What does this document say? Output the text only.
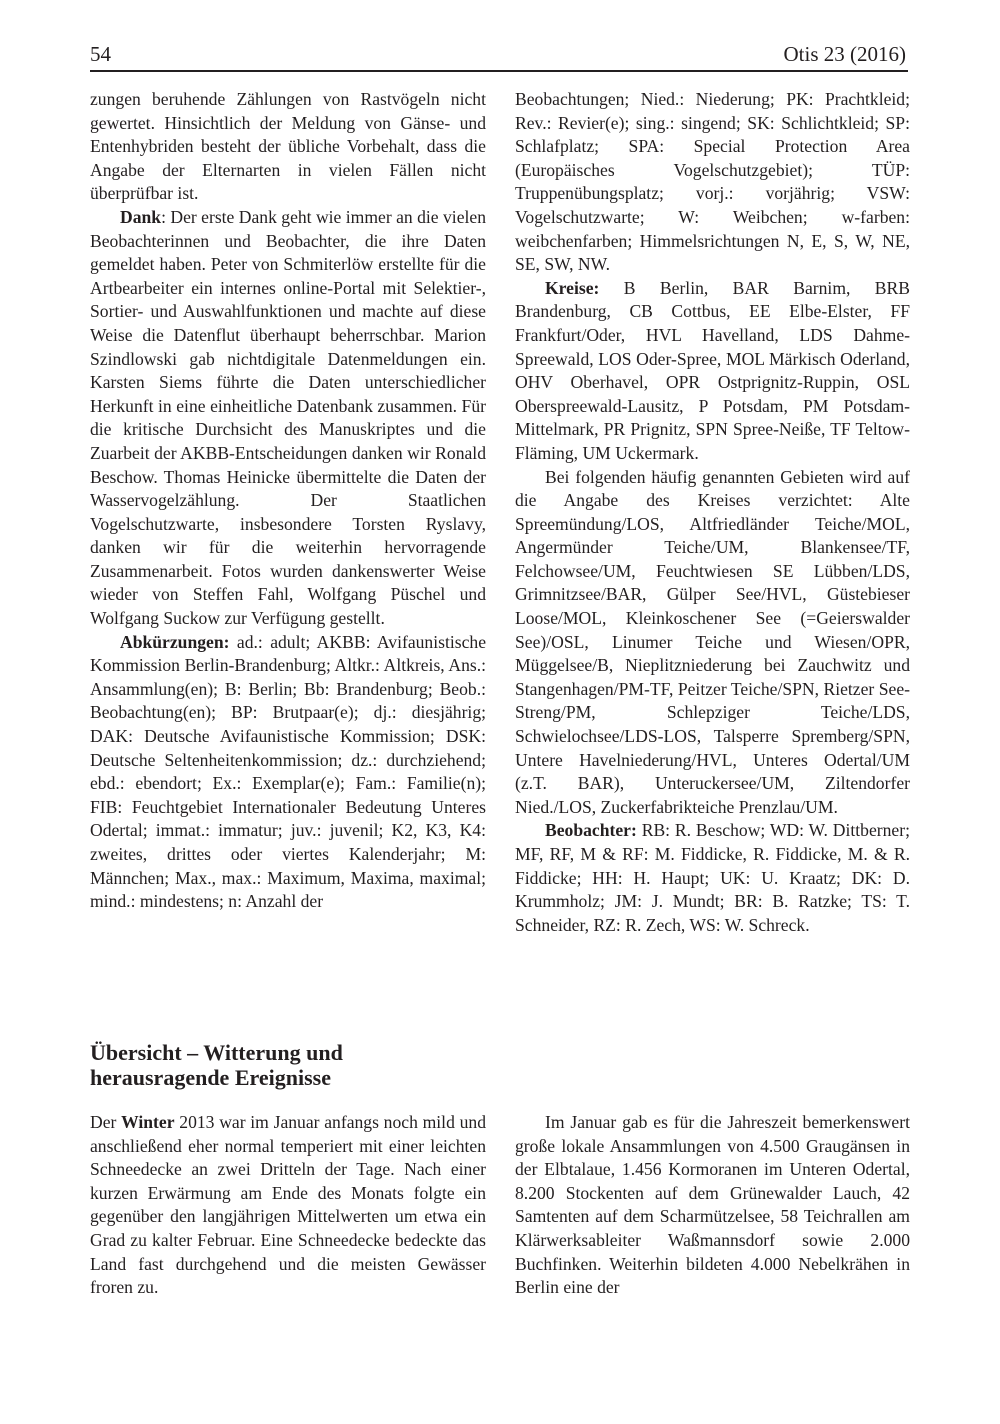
54	Otis 23 (2016)

zungen beruhende Zählungen von Rastvögeln nicht gewertet. Hinsichtlich der Meldung von Gänse- und Entenhybriden besteht der übliche Vorbehalt, dass die Angabe der Elternarten in vielen Fällen nicht überprüfbar ist.

Dank: Der erste Dank geht wie immer an die vielen Beobachterinnen und Beobachter, die ihre Daten gemeldet haben. Peter von Schmiterlöw erstellte für die Artbearbeiter ein internes online-Portal mit Selektier-, Sortier- und Auswahlfunktionen und machte auf diese Weise die Datenflut überhaupt beherrschbar. Marion Szindlowski gab nichtdigitale Datenmeldungen ein. Karsten Siems führte die Daten unterschiedlicher Herkunft in eine einheitliche Datenbank zusammen. Für die kritische Durchsicht des Manuskriptes und die Zuarbeit der AKBB-Entscheidungen danken wir Ronald Beschow. Thomas Heinicke übermittelte die Daten der Wasservogelzählung. Der Staatlichen Vogelschutzwarte, insbesondere Torsten Ryslavy, danken wir für die weiterhin hervorragende Zusammenarbeit. Fotos wurden dankenswerter Weise wieder von Steffen Fahl, Wolfgang Püschel und Wolfgang Suckow zur Verfügung gestellt.

Abkürzungen: ad.: adult; AKBB: Avifaunistische Kommission Berlin-Brandenburg; Altkr.: Altkreis, Ans.: Ansammlung(en); B: Berlin; Bb: Brandenburg; Beob.: Beobachtung(en); BP: Brutpaar(e); dj.: diesjährig; DAK: Deutsche Avifaunistische Kommission; DSK: Deutsche Seltenheitenkommission; dz.: durchziehend; ebd.: ebendort; Ex.: Exemplar(e); Fam.: Familie(n); FIB: Feuchtgebiet Internationaler Bedeutung Unteres Odertal; immat.: immatur; juv.: juvenil; K2, K3, K4: zweites, drittes oder viertes Kalenderjahr; M: Männchen; Max., max.: Maximum, Maxima, maximal; mind.: mindestens; n: Anzahl der

Beobachtungen; Nied.: Niederung; PK: Prachtkleid; Rev.: Revier(e); sing.: singend; SK: Schlichtkleid; SP: Schlafplatz; SPA: Special Protection Area (Europäisches Vogelschutzgebiet); TÜP: Truppenübungsplatz; vorj.: vorjährig; VSW: Vogelschutzwarte; W: Weibchen; w-farben: weibchenfarben; Himmelsrichtungen N, E, S, W, NE, SE, SW, NW.

Kreise: B Berlin, BAR Barnim, BRB Brandenburg, CB Cottbus, EE Elbe-Elster, FF Frankfurt/Oder, HVL Havelland, LDS Dahme-Spreewald, LOS Oder-Spree, MOL Märkisch Oderland, OHV Oberhavel, OPR Ostprignitz-Ruppin, OSL Oberspreewald-Lausitz, P Potsdam, PM Potsdam-Mittelmark, PR Prignitz, SPN Spree-Neiße, TF Teltow-Fläming, UM Uckermark.

Bei folgenden häufig genannten Gebieten wird auf die Angabe des Kreises verzichtet: Alte Spreemündung/LOS, Altfriedländer Teiche/MOL, Angermünder Teiche/UM, Blankensee/TF, Felchowsee/UM, Feuchtwiesen SE Lübben/LDS, Grimnitzsee/BAR, Gülper See/HVL, Güstebieser Loose/MOL, Kleinkoschener See (=Geierswalder See)/OSL, Linumer Teiche und Wiesen/OPR, Müggelsee/B, Nieplitzniederung bei Zauchwitz und Stangenhagen/PM-TF, Peitzer Teiche/SPN, Rietzer See-Streng/PM, Schlepziger Teiche/LDS, Schwielochsee/LDS-LOS, Talsperre Spremberg/SPN, Untere Havelniederung/HVL, Unteres Odertal/UM (z.T. BAR), Unteruckersee/UM, Ziltendorfer Nied./LOS, Zuckerfabrikteiche Prenzlau/UM.

Beobachter: RB: R. Beschow; WD: W. Dittberner; MF, RF, M & RF: M. Fiddicke, R. Fiddicke, M. & R. Fiddicke; HH: H. Haupt; UK: U. Kraatz; DK: D. Krummholz; JM: J. Mundt; BR: B. Ratzke; TS: T. Schneider, RZ: R. Zech, WS: W. Schreck.

Übersicht – Witterung und
herausragende Ereignisse

Der Winter 2013 war im Januar anfangs noch mild und anschließend eher normal temperiert mit einer leichten Schneedecke an zwei Dritteln der Tage. Nach einer kurzen Erwärmung am Ende des Monats folgte ein gegenüber den langjährigen Mittelwerten um etwa ein Grad zu kalter Februar. Eine Schneedecke bedeckte das Land fast durchgehend und die meisten Gewässer froren zu.

Im Januar gab es für die Jahreszeit bemerkenswert große lokale Ansammlungen von 4.500 Graugänsen in der Elbtalaue, 1.456 Kormoranen im Unteren Odertal, 8.200 Stockenten auf dem Grünewalder Lauch, 42 Samtenten auf dem Scharmützelsee, 58 Teichrallen am Klärwerksableiter Waßmannsdorf sowie 2.000 Buchfinken. Weiterhin bildeten 4.000 Nebelkrähen in Berlin eine der
